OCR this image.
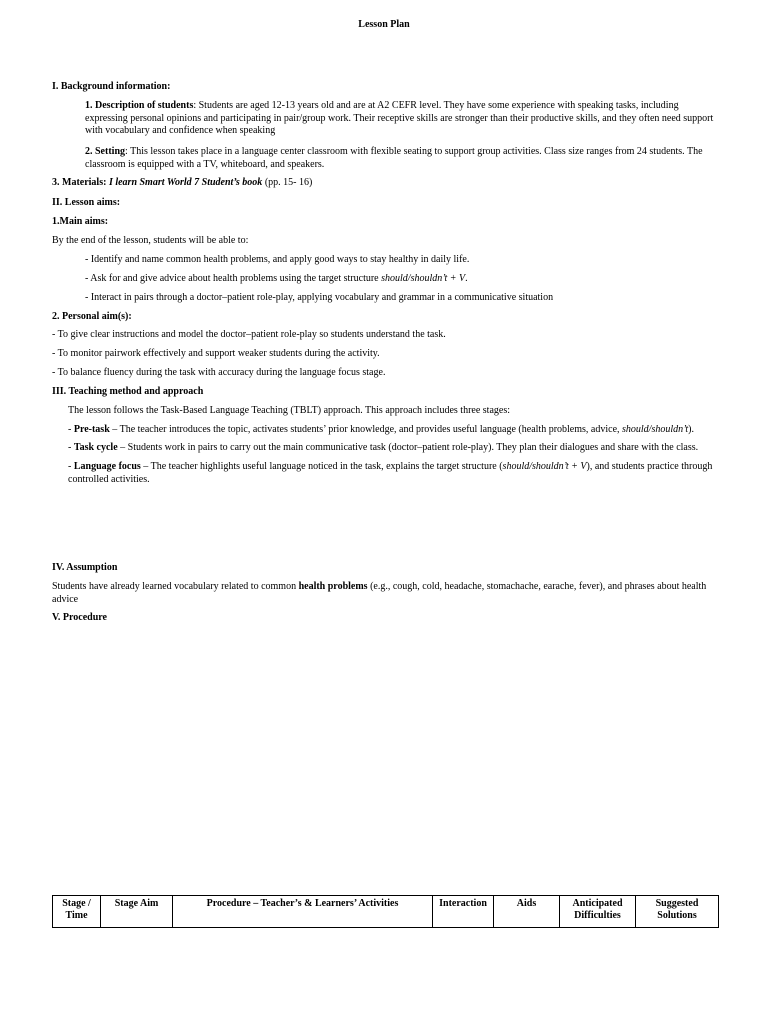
Lesson Plan
I. Background information:
1. Description of students: Students are aged 12-13 years old and are at A2 CEFR level. They have some experience with speaking tasks, including expressing personal opinions and participating in pair/group work. Their receptive skills are stronger than their productive skills, and they often need support with vocabulary and confidence when speaking
2. Setting: This lesson takes place in a language center classroom with flexible seating to support group activities. Class size ranges from 24 students. The classroom is equipped with a TV, whiteboard, and speakers.
3. Materials: I learn Smart World 7 Student’s book (pp. 15- 16)
II. Lesson aims:
1.Main aims:
By the end of the lesson, students will be able to:
- Identify and name common health problems, and apply good ways to stay healthy in daily life.
- Ask for and give advice about health problems using the target structure should/shouldn’t + V.
- Interact in pairs through a doctor–patient role-play, applying vocabulary and grammar in a communicative situation
2. Personal aim(s):
- To give clear instructions and model the doctor–patient role-play so students understand the task.
- To monitor pairwork effectively and support weaker students during the activity.
- To balance fluency during the task with accuracy during the language focus stage.
III. Teaching method and approach
The lesson follows the Task-Based Language Teaching (TBLT) approach. This approach includes three stages:
- Pre-task – The teacher introduces the topic, activates students’ prior knowledge, and provides useful language (health problems, advice, should/shouldn’t).
- Task cycle – Students work in pairs to carry out the main communicative task (doctor–patient role-play). They plan their dialogues and share with the class.
- Language focus – The teacher highlights useful language noticed in the task, explains the target structure (should/shouldn’t + V), and students practice through controlled activities.
IV. Assumption
Students have already learned vocabulary related to common health problems (e.g., cough, cold, headache, stomachache, earache, fever), and phrases about health advice
V. Procedure
Stage / Time	Stage Aim	Procedure – Teacher’s & Learners’ Activities	Interaction	Aids	Anticipated Difficulties	Suggested Solutions
